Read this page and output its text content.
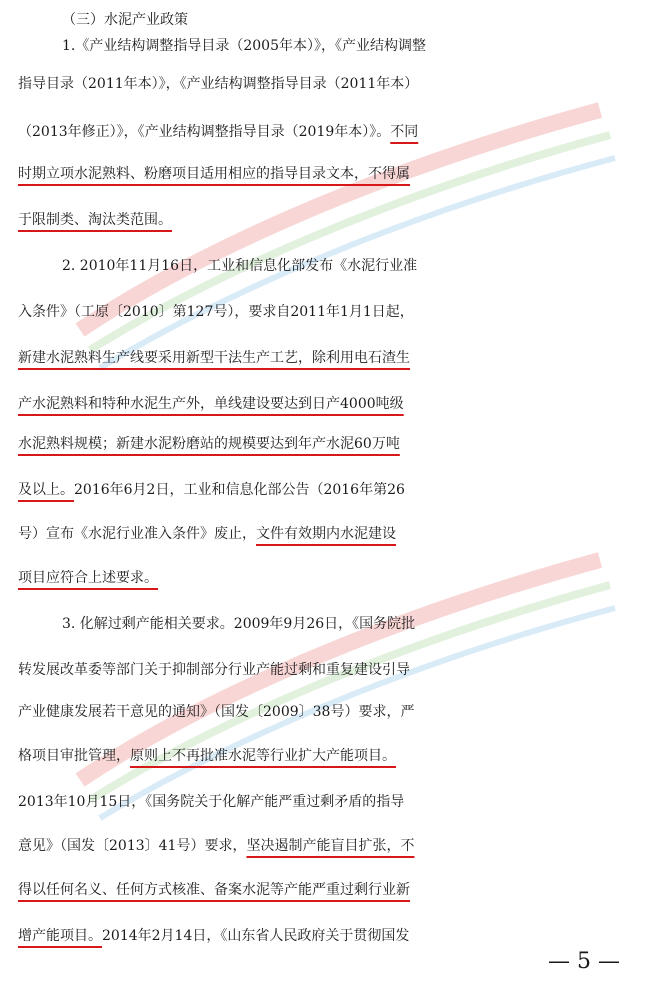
（三）水泥产业政策
1.《产业结构调整指导目录（2005年本）》，《产业结构调整
指导目录（2011年本）》，《产业结构调整指导目录（2011年本）
（2013年修正）》，《产业结构调整指导目录（2019年本）》。不同
时期立项水泥熟料、粉磨项目适用相应的指导目录文本，不得属
于限制类、淘汰类范围。
2. 2010年11月16日，工业和信息化部发布《水泥行业准
入条件》（工原〔2010〕第127号），要求自2011年1月1日起，
新建水泥熟料生产线要采用新型干法生产工艺，除利用电石渣生
产水泥熟料和特种水泥生产外，单线建设要达到日产4000吨级
水泥熟料规模；新建水泥粉磨站的规模要达到年产水泥60万吨
及以上。2016年6月2日，工业和信息化部公告（2016年第26
号）宣布《水泥行业准入条件》废止，文件有效期内水泥建设
项目应符合上述要求。
3. 化解过剩产能相关要求。2009年9月26日，《国务院批
转发展改革委等部门关于抑制部分行业产能过剩和重复建设引导
产业健康发展若干意见的通知》（国发〔2009〕38号）要求，严
格项目审批管理，原则上不再批准水泥等行业扩大产能项目。
2013年10月15日，《国务院关于化解产能严重过剩矛盾的指导
意见》（国发〔2013〕41号）要求，坚决遏制产能盲目扩张，不
得以任何名义、任何方式核准、备案水泥等产能严重过剩行业新
增产能项目。2014年2月14日，《山东省人民政府关于贯彻国发
— 5 —
